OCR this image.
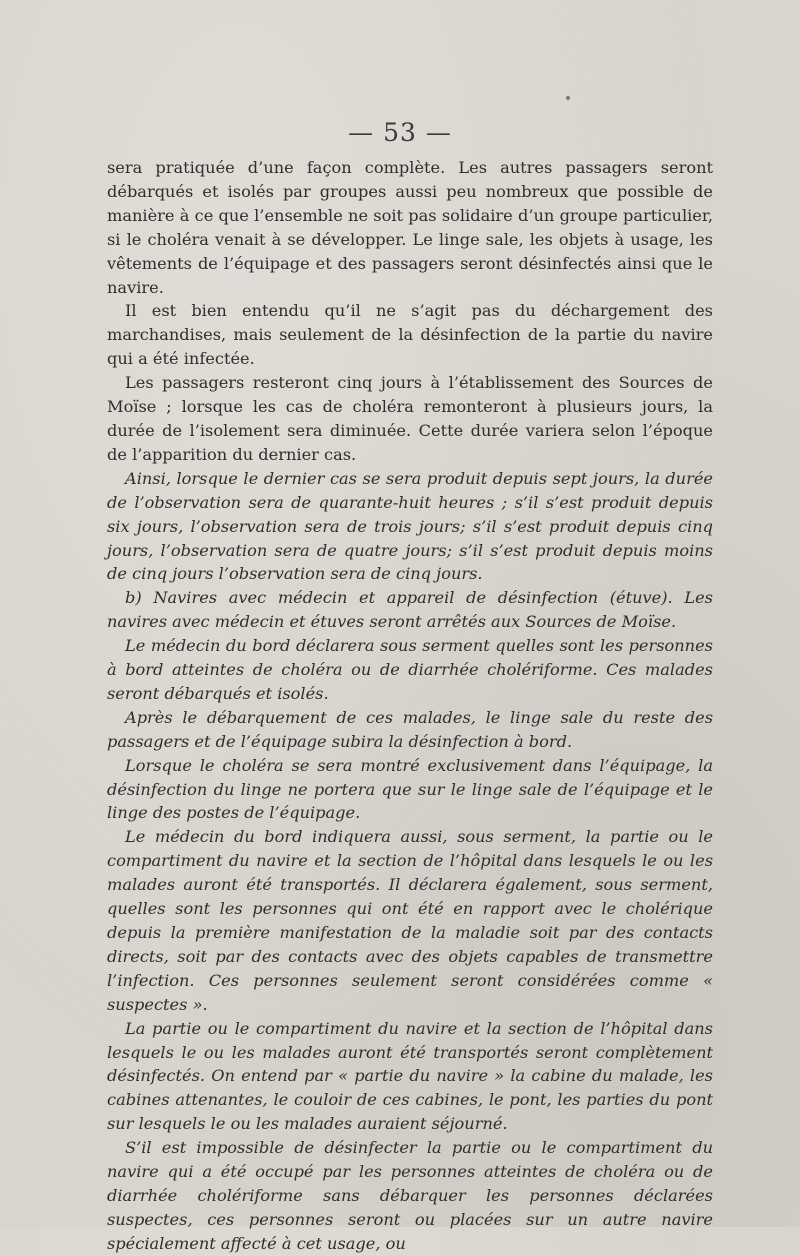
— 53 —

sera pratiquée d’une façon complète. Les autres passagers seront débarqués et isolés par groupes aussi peu nombreux que possible de manière à ce que l’ensemble ne soit pas solidaire d’un groupe particulier, si le choléra venait à se développer. Le linge sale, les objets à usage, les vêtements de l’équipage et des passagers seront désinfectés ainsi que le navire.

Il est bien entendu qu’il ne s’agit pas du déchargement des marchandises, mais seulement de la désinfection de la partie du navire qui a été infectée.

Les passagers resteront cinq jours à l’établissement des Sources de Moïse ; lorsque les cas de choléra remonteront à plusieurs jours, la durée de l’isolement sera diminuée. Cette durée variera selon l’époque de l’apparition du dernier cas.

Ainsi, lorsque le dernier cas se sera produit depuis sept jours, la durée de l’observation sera de quarante-huit heures ; s’il s’est produit depuis six jours, l’observation sera de trois jours; s’il s’est produit depuis cinq jours, l’observation sera de quatre jours; s’il s’est produit depuis moins de cinq jours l’observation sera de cinq jours.

b) Navires avec médecin et appareil de désinfection (étuve). Les navires avec médecin et étuves seront arrêtés aux Sources de Moïse.

Le médecin du bord déclarera sous serment quelles sont les personnes à bord atteintes de choléra ou de diarrhée cholériforme. Ces malades seront débarqués et isolés.

Après le débarquement de ces malades, le linge sale du reste des passagers et de l’équipage subira la désinfection à bord.

Lorsque le choléra se sera montré exclusivement dans l’équipage, la désinfection du linge ne portera que sur le linge sale de l’équipage et le linge des postes de l’équipage.

Le médecin du bord indiquera aussi, sous serment, la partie ou le compartiment du navire et la section de l’hôpital dans lesquels le ou les malades auront été transportés. Il déclarera également, sous serment, quelles sont les personnes qui ont été en rapport avec le cholérique depuis la première manifestation de la maladie soit par des contacts directs, soit par des contacts avec des objets capables de transmettre l’infection. Ces personnes seulement seront considérées comme « suspectes ».

La partie ou le compartiment du navire et la section de l’hôpital dans lesquels le ou les malades auront été transportés seront complètement désinfectés. On entend par « partie du navire » la cabine du malade, les cabines attenantes, le couloir de ces cabines, le pont, les parties du pont sur lesquels le ou les malades auraient séjourné.

S’il est impossible de désinfecter la partie ou le compartiment du navire qui a été occupé par les personnes atteintes de choléra ou de diarrhée cholériforme sans débarquer les personnes déclarées suspectes, ces personnes seront ou placées sur un autre navire spécialement affecté à cet usage, ou
